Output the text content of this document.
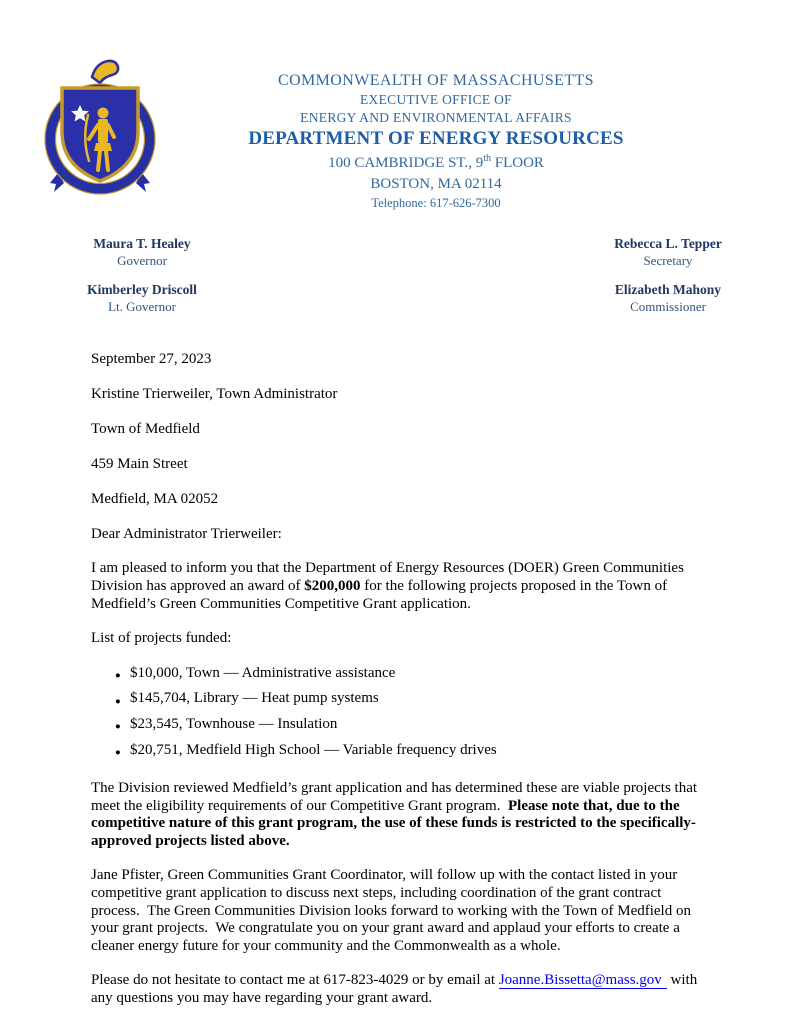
COMMONWEALTH OF MASSACHUSETTS
EXECUTIVE OFFICE OF
ENERGY AND ENVIRONMENTAL AFFAIRS
DEPARTMENT OF ENERGY RESOURCES
100 CAMBRIDGE ST., 9th FLOOR
BOSTON, MA 02114
Telephone: 617-626-7300
Maura T. Healey
Governor
Kimberley Driscoll
Lt. Governor
Rebecca L. Tepper
Secretary
Elizabeth Mahony
Commissioner

September 27, 2023

Kristine Trierweiler, Town Administrator

Town of Medfield

459 Main Street

Medfield, MA 02052

Dear Administrator Trierweiler:

I am pleased to inform you that the Department of Energy Resources (DOER) Green Communities Division has approved an award of $200,000 for the following projects proposed in the Town of Medfield’s Green Communities Competitive Grant application.

List of projects funded:

● $10,000, Town — Administrative assistance
● $145,704, Library — Heat pump systems
● $23,545, Townhouse — Insulation
● $20,751, Medfield High School — Variable frequency drives

The Division reviewed Medfield’s grant application and has determined these are viable projects that meet the eligibility requirements of our Competitive Grant program.  Please note that, due to the competitive nature of this grant program, the use of these funds is restricted to the specifically-approved projects listed above.

Jane Pfister, Green Communities Grant Coordinator, will follow up with the contact listed in your competitive grant application to discuss next steps, including coordination of the grant contract process.  The Green Communities Division looks forward to working with the Town of Medfield on your grant projects.  We congratulate you on your grant award and applaud your efforts to create a cleaner energy future for your community and the Commonwealth as a whole.

Please do not hesitate to contact me at 617-823-4029 or by email at Joanne.Bissetta@mass.gov with any questions you may have regarding your grant award.
